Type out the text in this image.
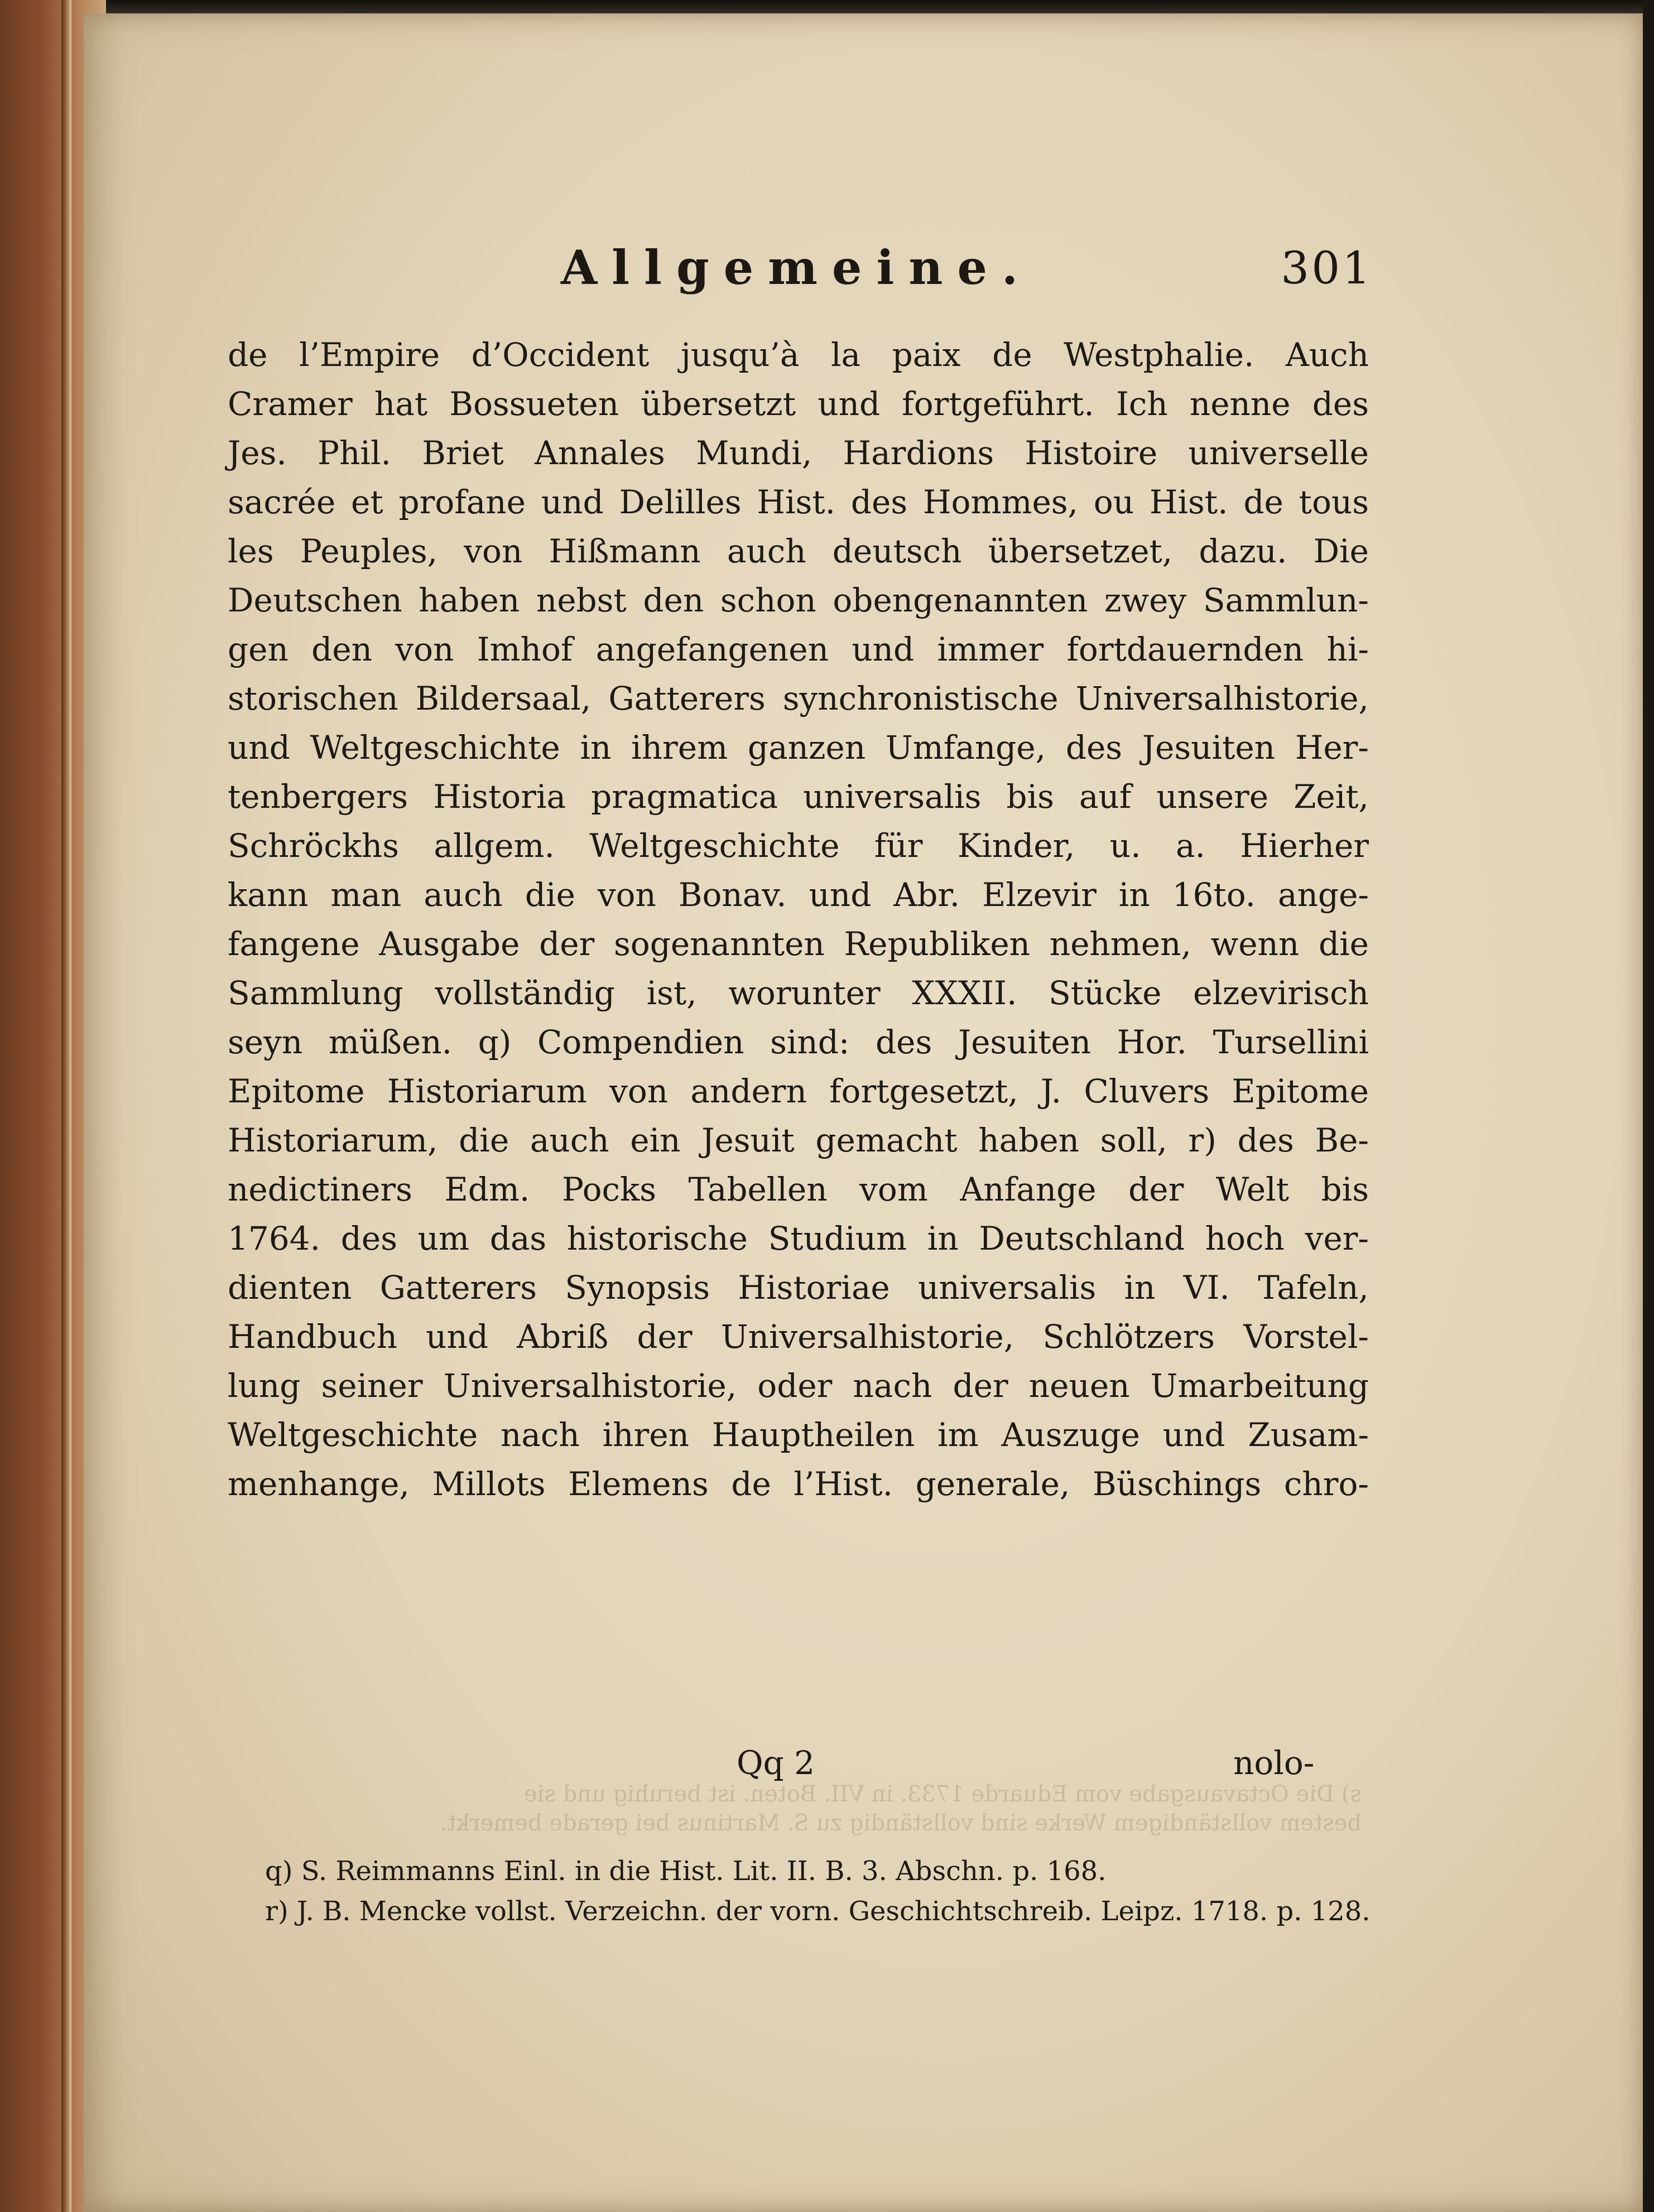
Allgemeine.	301
de l’Empire d’Occident jusqu’à la paix de Westphalie. Auch
Cramer hat Bossueten übersetzt und fortgeführt. Ich nenne des
Jes. Phil. Briet Annales Mundi, Hardions Histoire universelle
sacrée et profane und Delilles Hist. des Hommes, ou Hist. de tous
les Peuples, von Hißmann auch deutsch übersetzet, dazu. Die
Deutschen haben nebst den schon obengenannten zwey Sammlun-
gen den von Imhof angefangenen und immer fortdauernden hi-
storischen Bildersaal, Gatterers synchronistische Universalhistorie,
und Weltgeschichte in ihrem ganzen Umfange, des Jesuiten Her-
tenbergers Historia pragmatica universalis bis auf unsere Zeit,
Schröckhs allgem. Weltgeschichte für Kinder, u. a. Hierher
kann man auch die von Bonav. und Abr. Elzevir in 16to. ange-
fangene Ausgabe der sogenannten Republiken nehmen, wenn die
Sammlung vollständig ist, worunter XXXII. Stücke elzevirisch
seyn müßen. q) Compendien sind: des Jesuiten Hor. Tursellini
Epitome Historiarum von andern fortgesetzt, J. Cluvers Epitome
Historiarum, die auch ein Jesuit gemacht haben soll, r) des Be-
nedictiners Edm. Pocks Tabellen vom Anfange der Welt bis
1764. des um das historische Studium in Deutschland hoch ver-
dienten Gatterers Synopsis Historiae universalis in VI. Tafeln,
Handbuch und Abriß der Universalhistorie, Schlötzers Vorstel-
lung seiner Universalhistorie, oder nach der neuen Umarbeitung
Weltgeschichte nach ihren Hauptheilen im Auszuge und Zusam-
menhange, Millots Elemens de l’Hist. generale, Büschings chro-
Qq 2	nolo-
s) Die Octavausgabe vom Eduarde 1733. in VII. Boten. ist beruhig und sie
bestem vollständigem Werke sind vollständig zu S. Martinus bei gerade bemerkt.
q) S. Reimmanns Einl. in die Hist. Lit. II. B. 3. Abschn. p. 168.
r) J. B. Mencke vollst. Verzeichn. der vorn. Geschichtschreib. Leipz. 1718. p. 128.
